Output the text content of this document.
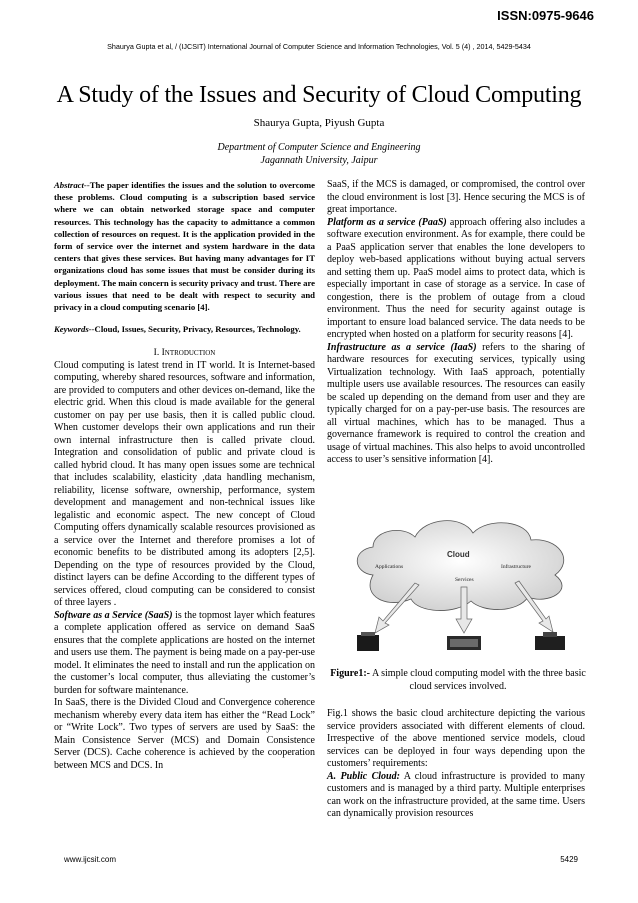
ISSN:0975-9646
Shaurya Gupta et al, / (IJCSIT) International Journal of Computer Science and Information Technologies, Vol. 5 (4) , 2014, 5429-5434
A Study of the Issues and Security of Cloud Computing
Shaurya Gupta, Piyush Gupta
Department of Computer Science and Engineering
Jagannath University, Jaipur

Abstract--The paper identifies the issues and the solution to overcome these problems. Cloud computing is a subscription based service where we can obtain networked storage space and computer resources. This technology has the capacity to admittance a common collection of resources on request. It is the application provided in the form of service over the internet and system hardware in the data centers that gives these services. But having many advantages for IT organizations cloud has some issues that must be consider during its deployment. The main concern is security privacy and trust. There are various issues that need to be dealt with respect to security and privacy in a cloud computing scenario [4].

Keywords--Cloud, Issues, Security, Privacy, Resources, Technology.

I. Introduction

Cloud computing is latest trend in IT world. It is Internet-based computing, whereby shared resources, software and information, are provided to computers and other devices on-demand, like the electric grid. When this cloud is made available for the general customer on pay per use basis, then it is called public cloud. When customer develops their own applications and run their own internal infrastructure then is called private cloud. Integration and consolidation of public and private cloud is called hybrid cloud. It has many open issues some are technical that includes scalability, elasticity ,data handling mechanism, reliability, license software, ownership, performance, system development and management and non-technical issues like legalistic and economic aspect. The new concept of Cloud Computing offers dynamically scalable resources provisioned as a service over the Internet and therefore promises a lot of economic benefits to be distributed among its adopters [2,5]. Depending on the type of resources provided by the Cloud, distinct layers can be define According to the different types of services offered, cloud computing can be considered to consist of three layers .

Software as a Service (SaaS) is the topmost layer which features a complete application offered as service on demand SaaS ensures that the complete applications are hosted on the internet and users use them. The payment is being made on a pay-per-use model. It eliminates the need to install and run the application on the customer’s local computer, thus alleviating the customer’s burden for software maintenance.

In SaaS, there is the Divided Cloud and Convergence coherence mechanism whereby every data item has either the “Read Lock” or “Write Lock”. Two types of servers are used by SaaS: the Main Consistence Server (MCS) and Domain Consistence Server (DCS). Cache coherence is achieved by the cooperation between MCS and DCS. In

SaaS, if the MCS is damaged, or compromised, the control over the cloud environment is lost [3]. Hence securing the MCS is of great importance.

Platform as a service (PaaS) approach offering also includes a software execution environment. As for example, there could be a PaaS application server that enables the lone developers to deploy web-based applications without buying actual servers and setting them up. PaaS model aims to protect data, which is especially important in case of storage as a service. In case of congestion, there is the problem of outage from a cloud environment. Thus the need for security against outage is important to ensure load balanced service. The data needs to be encrypted when hosted on a platform for security reasons [4].

Infrastructure as a service (IaaS) refers to the sharing of hardware resources for executing services, typically using Virtualization technology. With IaaS approach, potentially multiple users use available resources. The resources can easily be scaled up depending on the demand from user and they are typically charged for on a pay-per-use basis. The resources are all virtual machines, which has to be managed. Thus a governance framework is required to control the creation and usage of virtual machines. This also helps to avoid uncontrolled access to user’s sensitive information [4].

Cloud
Applications	Infrastructure
Services
Figure1:- A simple cloud computing model with the three basic cloud services involved.

Fig.1 shows the basic cloud architecture depicting the various service providers associated with different elements of cloud. Irrespective of the above mentioned service models, cloud services can be deployed in four ways depending upon the customers’ requirements:

A. Public Cloud: A cloud infrastructure is provided to many customers and is managed by a third party. Multiple enterprises can work on the infrastructure provided, at the same time. Users can dynamically provision resources

www.ijcsit.com	5429
